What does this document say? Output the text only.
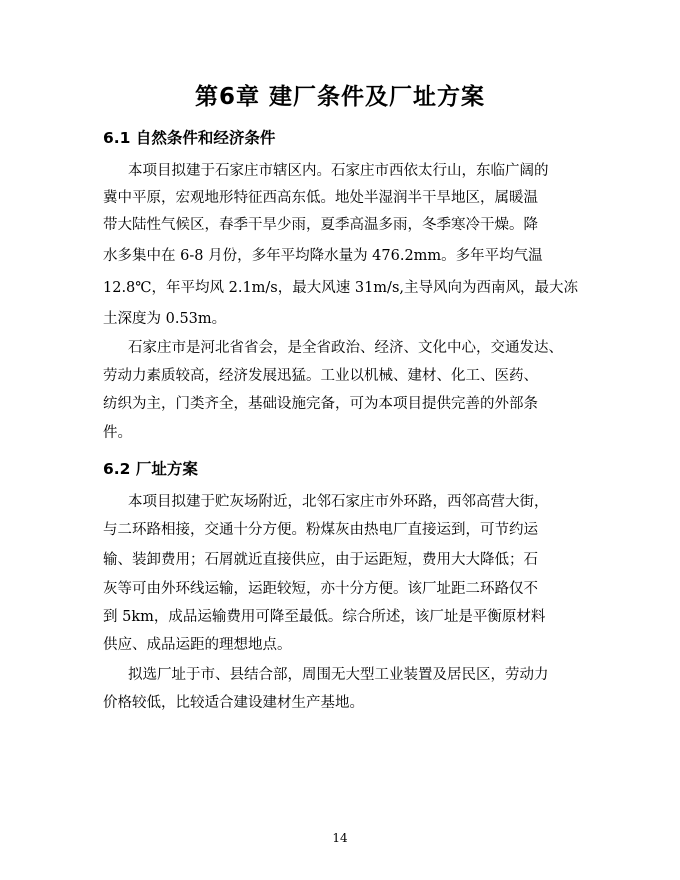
第6章 建厂条件及厂址方案
6.1 自然条件和经济条件

本项目拟建于石家庄市辖区内。石家庄市西依太行山，东临广阔的

冀中平原，宏观地形特征西高东低。地处半湿润半干旱地区，属暖温

带大陆性气候区，春季干旱少雨，夏季高温多雨，冬季寒冷干燥。降

水多集中在 6-8 月份，多年平均降水量为 476.2mm。多年平均气温

12.8℃，年平均风 2.1m/s，最大风速 31m/s,主导风向为西南风，最大冻

土深度为 0.53m。

石家庄市是河北省省会，是全省政治、经济、文化中心，交通发达、

劳动力素质较高，经济发展迅猛。工业以机械、建材、化工、医药、

纺织为主，门类齐全，基础设施完备，可为本项目提供完善的外部条

件。

6.2 厂址方案

本项目拟建于贮灰场附近，北邻石家庄市外环路，西邻高营大街，

与二环路相接，交通十分方便。粉煤灰由热电厂直接运到，可节约运

输、装卸费用；石屑就近直接供应，由于运距短，费用大大降低；石

灰等可由外环线运输，运距较短，亦十分方便。该厂址距二环路仅不

到 5km，成品运输费用可降至最低。综合所述，该厂址是平衡原材料

供应、成品运距的理想地点。

拟选厂址于市、县结合部，周围无大型工业装置及居民区，劳动力

价格较低，比较适合建设建材生产基地。

14
